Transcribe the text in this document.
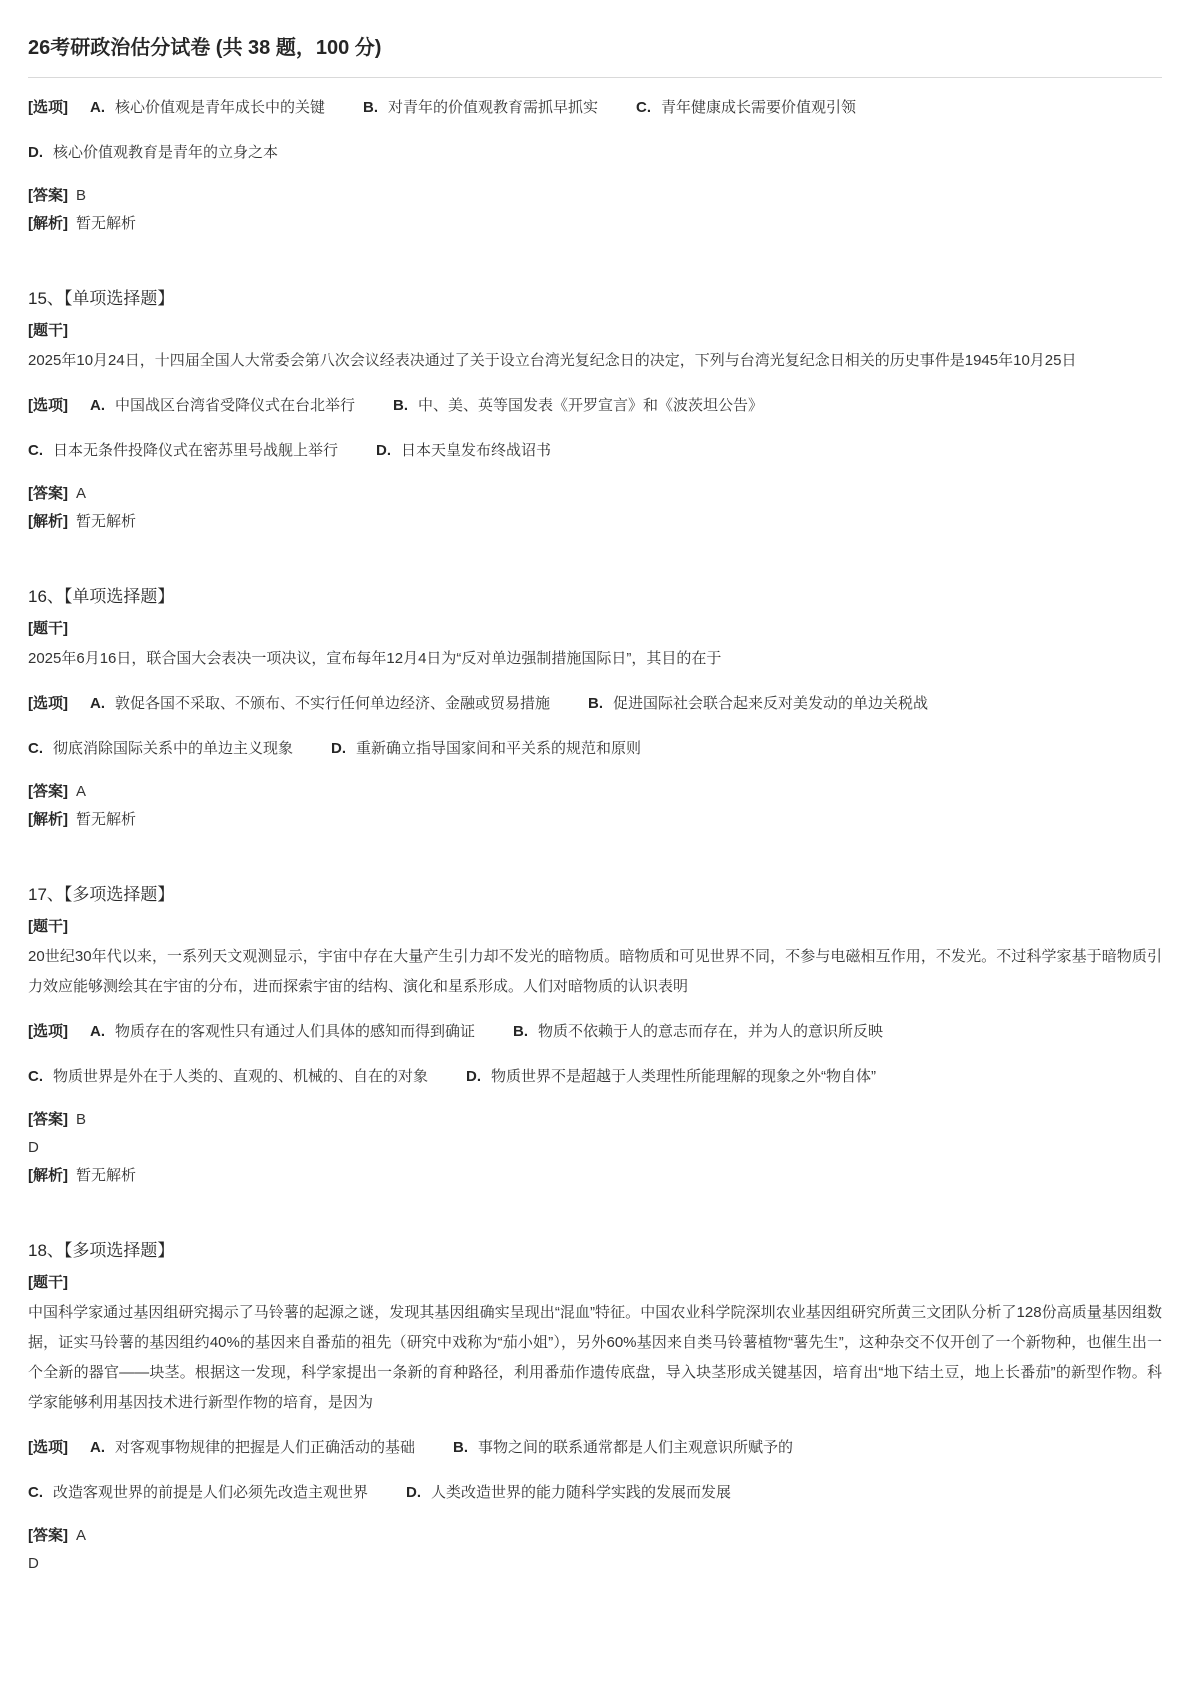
26考研政治估分试卷 (共 38 题，100 分)
[选项] A. 核心价值观是青年成长中的关键	B. 对青年的价值观教育需抓早抓实	C. 青年健康成长需要价值观引领
D. 核心价值观教育是青年的立身之本
[答案] B
[解析] 暂无解析
15、【单项选择题】
[题干]

2025年10月24日，十四届全国人大常委会第八次会议经表决通过了关于设立台湾光复纪念日的决定，下列与台湾光复纪念日相关的历史事件是1945年10月25日

[选项] A. 中国战区台湾省受降仪式在台北举行	B. 中、美、英等国发表《开罗宣言》和《波茨坦公告》
C. 日本无条件投降仪式在密苏里号战舰上举行	D. 日本天皇发布终战诏书
[答案] A
[解析] 暂无解析
16、【单项选择题】
[题干]

2025年6月16日，联合国大会表决一项决议，宣布每年12月4日为“反对单边强制措施国际日”，其目的在于

[选项] A. 敦促各国不采取、不颁布、不实行任何单边经济、金融或贸易措施	B. 促进国际社会联合起来反对美发动的单边关税战
C. 彻底消除国际关系中的单边主义现象	D. 重新确立指导国家间和平关系的规范和原则
[答案] A
[解析] 暂无解析
17、【多项选择题】
[题干]

20世纪30年代以来，一系列天文观测显示，宇宙中存在大量产生引力却不发光的暗物质。暗物质和可见世界不同，不参与电磁相互作用，不发光。不过科学家基于暗物质引力效应能够测绘其在宇宙的分布，进而探索宇宙的结构、演化和星系形成。人们对暗物质的认识表明

[选项] A. 物质存在的客观性只有通过人们具体的感知而得到确证	B. 物质不依赖于人的意志而存在，并为人的意识所反映
C. 物质世界是外在于人类的、直观的、机械的、自在的对象	D. 物质世界不是超越于人类理性所能理解的现象之外“物自体”
[答案] B
D
[解析] 暂无解析
18、【多项选择题】
[题干]

中国科学家通过基因组研究揭示了马铃薯的起源之谜，发现其基因组确实呈现出“混血”特征。中国农业科学院深圳农业基因组研究所黄三文团队分析了128份高质量基因组数据，证实马铃薯的基因组约40%的基因来自番茄的祖先（研究中戏称为“茄小姐”），另外60%基因来自类马铃薯植物“薯先生”，这种杂交不仅开创了一个新物种，也催生出一个全新的器官——块茎。根据这一发现，科学家提出一条新的育种路径，利用番茄作遗传底盘，导入块茎形成关键基因，培育出“地下结土豆，地上长番茄”的新型作物。科学家能够利用基因技术进行新型作物的培育，是因为

[选项] A. 对客观事物规律的把握是人们正确活动的基础	B. 事物之间的联系通常都是人们主观意识所赋予的
C. 改造客观世界的前提是人们必须先改造主观世界	D. 人类改造世界的能力随科学实践的发展而发展
[答案] A
D
